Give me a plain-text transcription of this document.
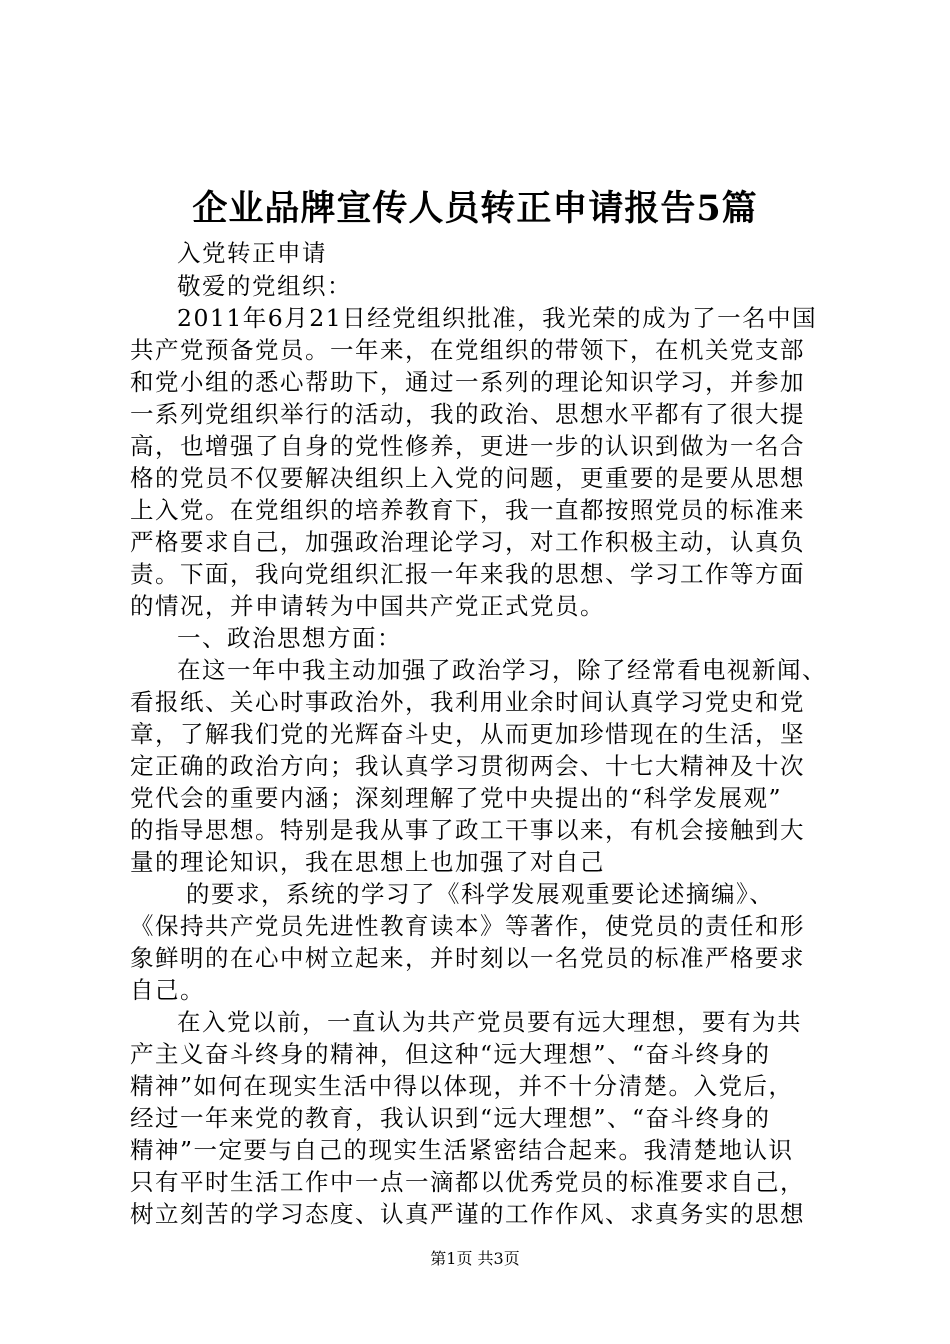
企业品牌宣传人员转正申请报告5篇
入党转正申请
敬爱的党组织：
2011年6月21日经党组织批准，我光荣的成为了一名中国
共产党预备党员。一年来，在党组织的带领下，在机关党支部
和党小组的悉心帮助下，通过一系列的理论知识学习，并参加
一系列党组织举行的活动，我的政治、思想水平都有了很大提
高，也增强了自身的党性修养，更进一步的认识到做为一名合
格的党员不仅要解决组织上入党的问题，更重要的是要从思想
上入党。在党组织的培养教育下，我一直都按照党员的标准来
严格要求自己，加强政治理论学习，对工作积极主动，认真负
责。下面，我向党组织汇报一年来我的思想、学习工作等方面
的情况，并申请转为中国共产党正式党员。
一、政治思想方面：
在这一年中我主动加强了政治学习，除了经常看电视新闻、
看报纸、关心时事政治外，我利用业余时间认真学习党史和党
章，了解我们党的光辉奋斗史，从而更加珍惜现在的生活，坚
定正确的政治方向；我认真学习贯彻两会、十七大精神及十次
党代会的重要内涵；深刻理解了党中央提出的“科学发展观”
的指导思想。特别是我从事了政工干事以来，有机会接触到大
量的理论知识，我在思想上也加强了对自己
的要求，系统的学习了《科学发展观重要论述摘编》、
《保持共产党员先进性教育读本》等著作，使党员的责任和形
象鲜明的在心中树立起来，并时刻以一名党员的标准严格要求
自己。
在入党以前，一直认为共产党员要有远大理想，要有为共
产主义奋斗终身的精神，但这种“远大理想”、“奋斗终身的
精神”如何在现实生活中得以体现，并不十分清楚。入党后，
经过一年来党的教育，我认识到“远大理想”、“奋斗终身的
精神”一定要与自己的现实生活紧密结合起来。我清楚地认识
只有平时生活工作中一点一滴都以优秀党员的标准要求自己，
树立刻苦的学习态度、认真严谨的工作作风、求真务实的思想
第1页 共3页
